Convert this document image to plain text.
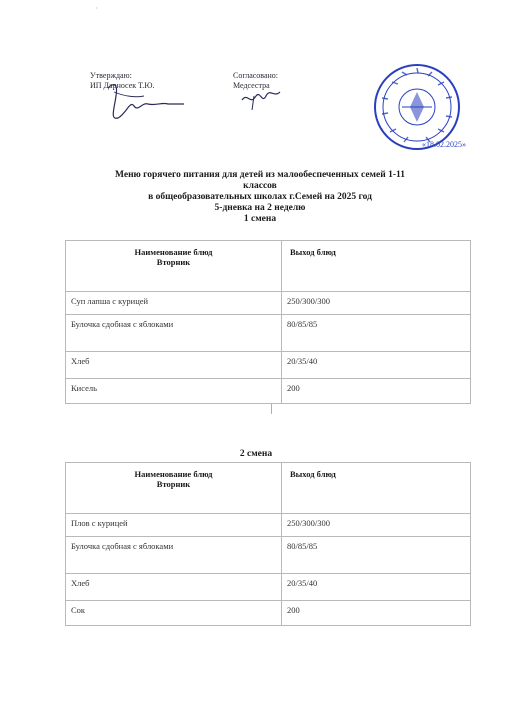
›
Утверждаю:
ИП Дарносек Т.Ю.
Согласовано:
Медсестра
«18.02.2025»
Меню горячего питания для детей из малообеспеченных семей 1-11
классов
в общеобразовательных школах г.Семей на 2025 год
5-дневка на 2 неделю
1 смена
Наименование блюд
Вторник	Выход блюд
Суп лапша с курицей	250/300/300
Булочка сдобная с яблоками	80/85/85
Хлеб	20/35/40
Кисель	200
2 смена
Наименование блюд
Вторник	Выход блюд
Плов с курицей	250/300/300
Булочка сдобная с яблоками	80/85/85
Хлеб	20/35/40
Сок	200
